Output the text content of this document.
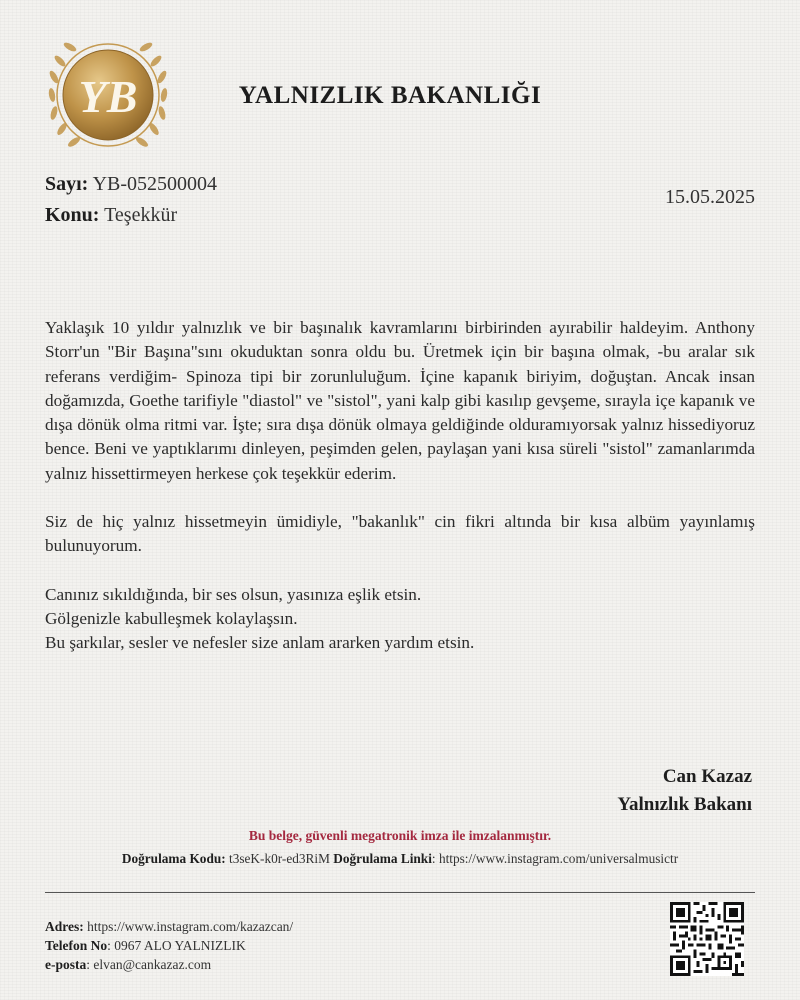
YB	YALNIZLIK BAKANLIĞI
Sayı: YB-052500004
Konu: Teşekkür
15.05.2025

Yaklaşık 10 yıldır yalnızlık ve bir başınalık kavramlarını birbirinden ayırabilir haldeyim. Anthony Storr'un "Bir Başına"sını okuduktan sonra oldu bu. Üretmek için bir başına olmak, -bu aralar sık referans verdiğim- Spinoza tipi bir zorunluluğum. İçine kapanık biriyim, doğuştan. Ancak insan doğamızda, Goethe tarifiyle "diastol" ve "sistol", yani kalp gibi kasılıp gevşeme, sırayla içe kapanık ve dışa dönük olma ritmi var. İşte; sıra dışa dönük olmaya geldiğinde olduramıyorsak yalnız hissediyoruz bence. Beni ve yaptıklarımı dinleyen, peşimden gelen, paylaşan yani kısa süreli "sistol" zamanlarımda yalnız hissettirmeyen herkese çok teşekkür ederim.

Siz de hiç yalnız hissetmeyin ümidiyle, "bakanlık" cin fikri altında bir kısa albüm yayınlamış bulunuyorum.

Canınız sıkıldığında, bir ses olsun, yasınıza eşlik etsin.

Gölgenizle kabulleşmek kolaylaşsın.

Bu şarkılar, sesler ve nefesler size anlam ararken yardım etsin.

Can Kazaz
Yalnızlık Bakanı
Bu belge, güvenli megatronik imza ile imzalanmıştır.
Doğrulama Kodu: t3seK-k0r-ed3RiM Doğrulama Linki: https://www.instagram.com/universalmusictr
Adres: https://www.instagram.com/kazazcan/
Telefon No: 0967 ALO YALNIZLIK
e-posta: elvan@cankazaz.com
